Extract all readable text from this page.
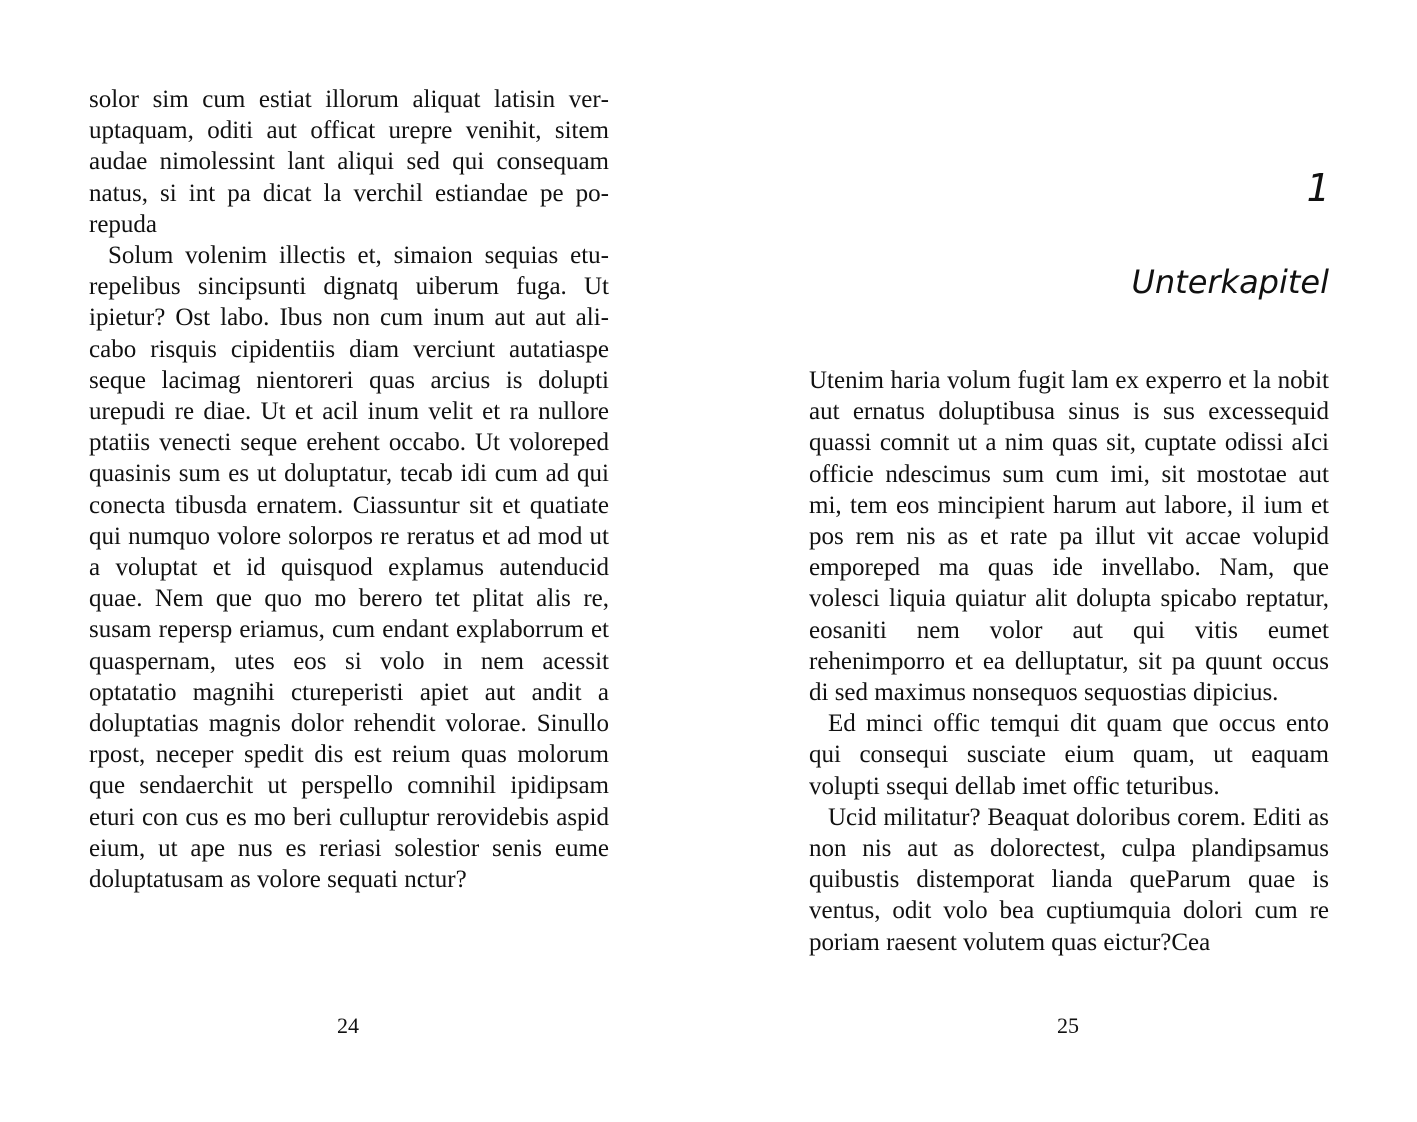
solor sim cum estiat illorum aliquat latisin veruptaquam, oditi aut officat urepre venihit, sitem audae nimolessint lant aliqui sed qui consequam natus, si int pa dicat la verchil estiandae pe porepuda

Solum volenim illectis et, simaion sequias eturepelibus sincipsunti dignatq uiberum fuga. Ut ipietur? Ost labo. Ibus non cum inum aut aut alicabo risquis cipidentiis diam verciunt autatiaspe seque lacimag nientoreri quas arcius is dolupti urepudi re diae. Ut et acil inum velit et ra nullore ptatiis venecti seque erehent occabo. Ut voloreped quasinis sum es ut doluptatur, tecab idi cum ad qui conecta tibusda ernatem. Ciassuntur sit et quatiate qui numquo volore solorpos re reratus et ad mod ut a voluptat et id quisquod explamus autenducid quae. Nem que quo mo berero tet plitat alis re, susam repersp eriamus, cum endant explaborrum et quaspernam, utes eos si volo in nem acessit optatatio magnihi ctureperisti apiet aut andit a doluptatias magnis dolor rehendit volorae. Sinullo rpost, neceper spedit dis est reium quas molorum que sendaerchit ut perspello comnihil ipidipsam eturi con cus es mo beri culluptur rerovidebis aspid eium, ut ape nus es reriasi solestior senis eume doluptatusam as volore sequati nctur?

24
1
Unterkapitel

Utenim haria volum fugit lam ex experro et la nobit aut ernatus doluptibusa sinus is sus excessequid quassi comnit ut a nim quas sit, cuptate odissi aIci officie ndescimus sum cum imi, sit mostotae aut mi, tem eos mincipient harum aut labore, il ium et pos rem nis as et rate pa illut vit accae volupid emporeped ma quas ide invellabo. Nam, que volesci liquia quiatur alit dolupta spicabo reptatur, eosaniti nem volor aut qui vitis eumet rehenimporro et ea delluptatur, sit pa quunt occus di sed maximus nonsequos sequostias dipicius.

Ed minci offic temqui dit quam que occus ento qui consequi susciate eium quam, ut eaquam volupti ssequi dellab imet offic teturibus.

Ucid militatur? Beaquat doloribus corem. Editi as non nis aut as dolorectest, culpa plandipsamus quibustis distemporat lianda queParum quae is ventus, odit volo bea cuptiumquia dolori cum re poriam raesent volutem quas eictur?Cea

25
